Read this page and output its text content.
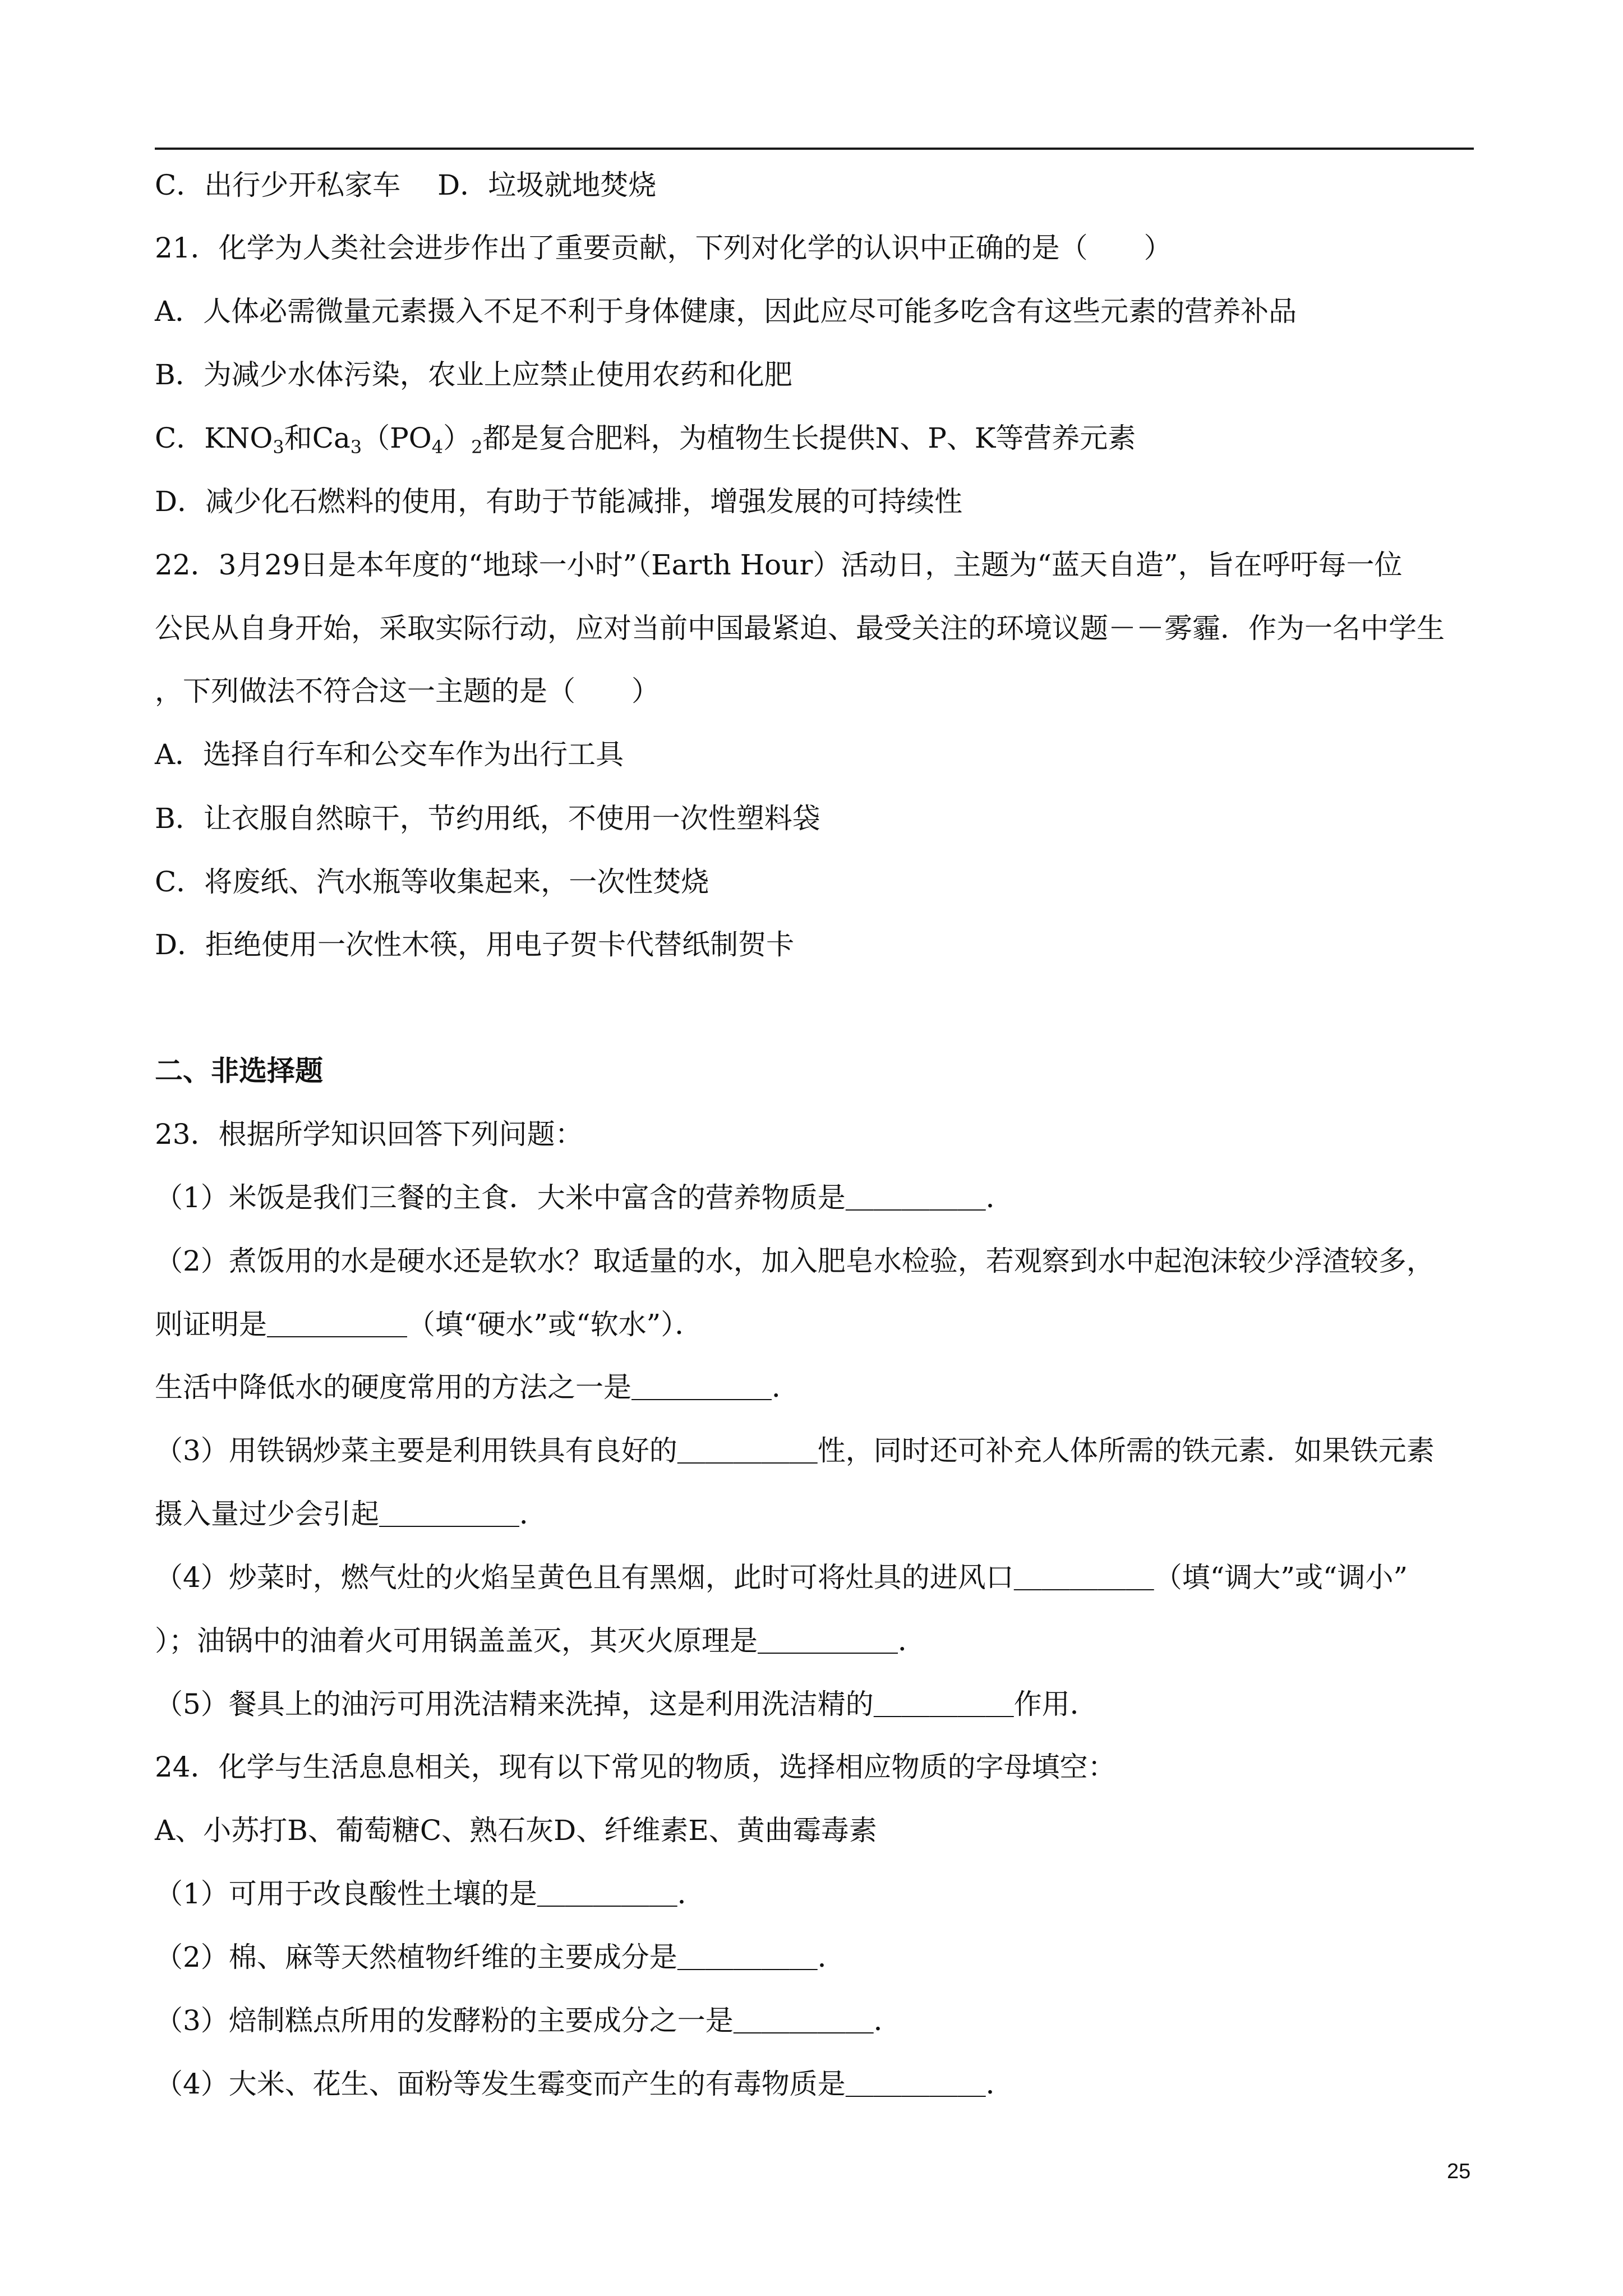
C．出行少开私家车　 D．垃圾就地焚烧
21．化学为人类社会进步作出了重要贡献，下列对化学的认识中正确的是（　　）
A．人体必需微量元素摄入不足不利于身体健康，因此应尽可能多吃含有这些元素的营养补品
B．为减少水体污染，农业上应禁止使用农药和化肥
C．$KNO_3$和$Ca_3(PO_4)_2$都是复合肥料，为植物生长提供N、P、K等营养元素
D．减少化石燃料的使用，有助于节能减排，增强发展的可持续性
22．3月29日是本年度的“地球一小时”（Earth Hour）活动日，主题为“蓝天自造”，旨在呼吁每一位
公民从自身开始，采取实际行动，应对当前中国最紧迫、最受关注的环境议题－－雾霾．作为一名中学生
，下列做法不符合这一主题的是（　　）
A．选择自行车和公交车作为出行工具
B．让衣服自然晾干，节约用纸，不使用一次性塑料袋
C．将废纸、汽水瓶等收集起来，一次性焚烧
D．拒绝使用一次性木筷，用电子贺卡代替纸制贺卡
二、非选择题
23．根据所学知识回答下列问题：
（1）米饭是我们三餐的主食．大米中富含的营养物质是＿＿＿＿＿．
（2）煮饭用的水是硬水还是软水？取适量的水，加入肥皂水检验，若观察到水中起泡沫较少浮渣较多，
则证明是＿＿＿＿＿（填“硬水”或“软水”）．
生活中降低水的硬度常用的方法之一是＿＿＿＿＿．
（3）用铁锅炒菜主要是利用铁具有良好的＿＿＿＿＿性，同时还可补充人体所需的铁元素．如果铁元素
摄入量过少会引起＿＿＿＿＿．
（4）炒菜时，燃气灶的火焰呈黄色且有黑烟，此时可将灶具的进风口＿＿＿＿＿（填“调大”或“调小”
）；油锅中的油着火可用锅盖盖灭，其灭火原理是＿＿＿＿＿．
（5）餐具上的油污可用洗洁精来洗掉，这是利用洗洁精的＿＿＿＿＿作用．
24．化学与生活息息相关，现有以下常见的物质，选择相应物质的字母填空：
A、小苏打B、葡萄糖C、熟石灰D、纤维素E、黄曲霉毒素
（1）可用于改良酸性土壤的是＿＿＿＿＿．
（2）棉、麻等天然植物纤维的主要成分是＿＿＿＿＿．
（3）焙制糕点所用的发酵粉的主要成分之一是＿＿＿＿＿．
（4）大米、花生、面粉等发生霉变而产生的有毒物质是＿＿＿＿＿．
25
